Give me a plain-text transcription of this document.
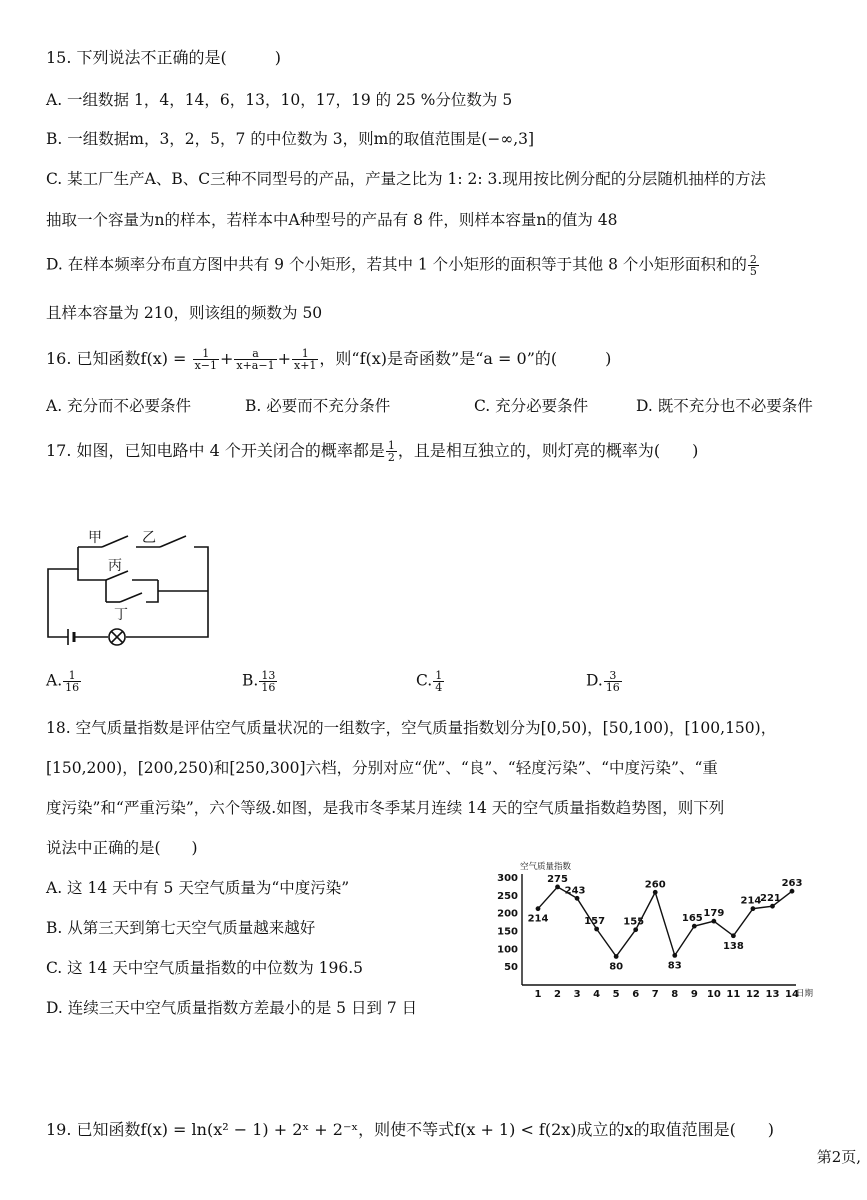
15. 下列说法不正确的是(　　　)
A. 一组数据 1，4，14，6，13，10，17，19 的 25 %分位数为 5
B. 一组数据m，3，2，5，7 的中位数为 3，则m的取值范围是(−∞,3]
C. 某工厂生产A、B、C三种不同型号的产品，产量之比为 1: 2: 3.现用按比例分配的分层随机抽样的方法
抽取一个容量为n的样本，若样本中A种型号的产品有 8 件，则样本容量n的值为 48
D. 在样本频率分布直方图中共有 9 个小矩形，若其中 1 个小矩形的面积等于其他 8 个小矩形面积和的 $\frac{2}{5}$
且样本容量为 210，则该组的频数为 50
16. 已知函数$f(x) = \frac{1}{x-1} + \frac{a}{x+a-1} + \frac{1}{x+1}$ ，则“f(x)是奇函数”是“a = 0”的(　　　)
A. 充分而不必要条件	B. 必要而不充分条件	C. 充分必要条件	D. 既不充分也不必要条件
17. 如图，已知电路中 4 个开关闭合的概率都是 $\frac{1}{2}$ ，且是相互独立的，则灯亮的概率为(　　)
甲	乙
丙
丁
A. $\frac{1}{16}$	B. $\frac{13}{16}$	C. $\frac{1}{4}$	D. $\frac{3}{16}$
18. 空气质量指数是评估空气质量状况的一组数字，空气质量指数划分为[0,50)，[50,100)，[100,150)，
[150,200)，[200,250)和[250,300]六档，分别对应“优”、“良”、“轻度污染”、“中度污染”、“重
度污染”和“严重污染”，六个等级.如图，是我市冬季某月连续 14 天的空气质量指数趋势图，则下列
说法中正确的是(　　)
A. 这 14 天中有 5 天空气质量为“中度污染”
B. 从第三天到第七天空气质量越来越好
C. 这 14 天中空气质量指数的中位数为 196.5
D. 连续三天中空气质量指数方差最小的是 5 日到 7 日
50
100
150
200
250
300
1 2 3 4 5 6 7 8 9 10 11 12 13 14
214
275
243
157
80
155
260
83
165 179
138
214
221
263
空气质量指数
日期
19. 已知函数f(x) = ln(x² − 1) + 2ˣ + 2⁻ˣ，则使不等式f(x + 1) < f(2x)成立的x的取值范围是(　　)
第2页,
